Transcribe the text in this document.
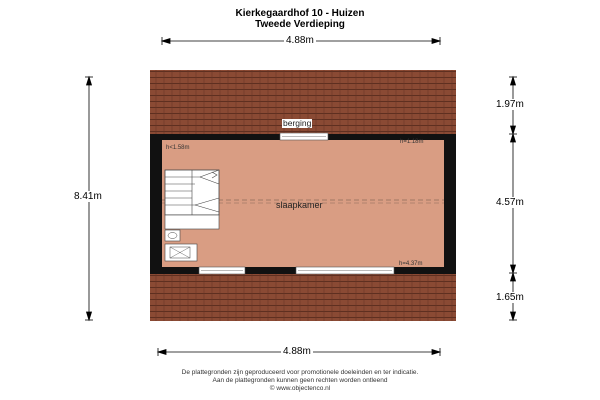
Kierkegaardhof 10 - Huizen
Tweede Verdieping
4.88m
4.88m
8.41m
1.97m
4.57m
1.65m
berging
slaapkamer
h<1.58m
h=1.18m
h=4.37m
De plattegronden zijn geproduceerd voor promotionele doeleinden en ter indicatie.
Aan de plattegronden kunnen geen rechten worden ontleend
© www.objectenco.nl
